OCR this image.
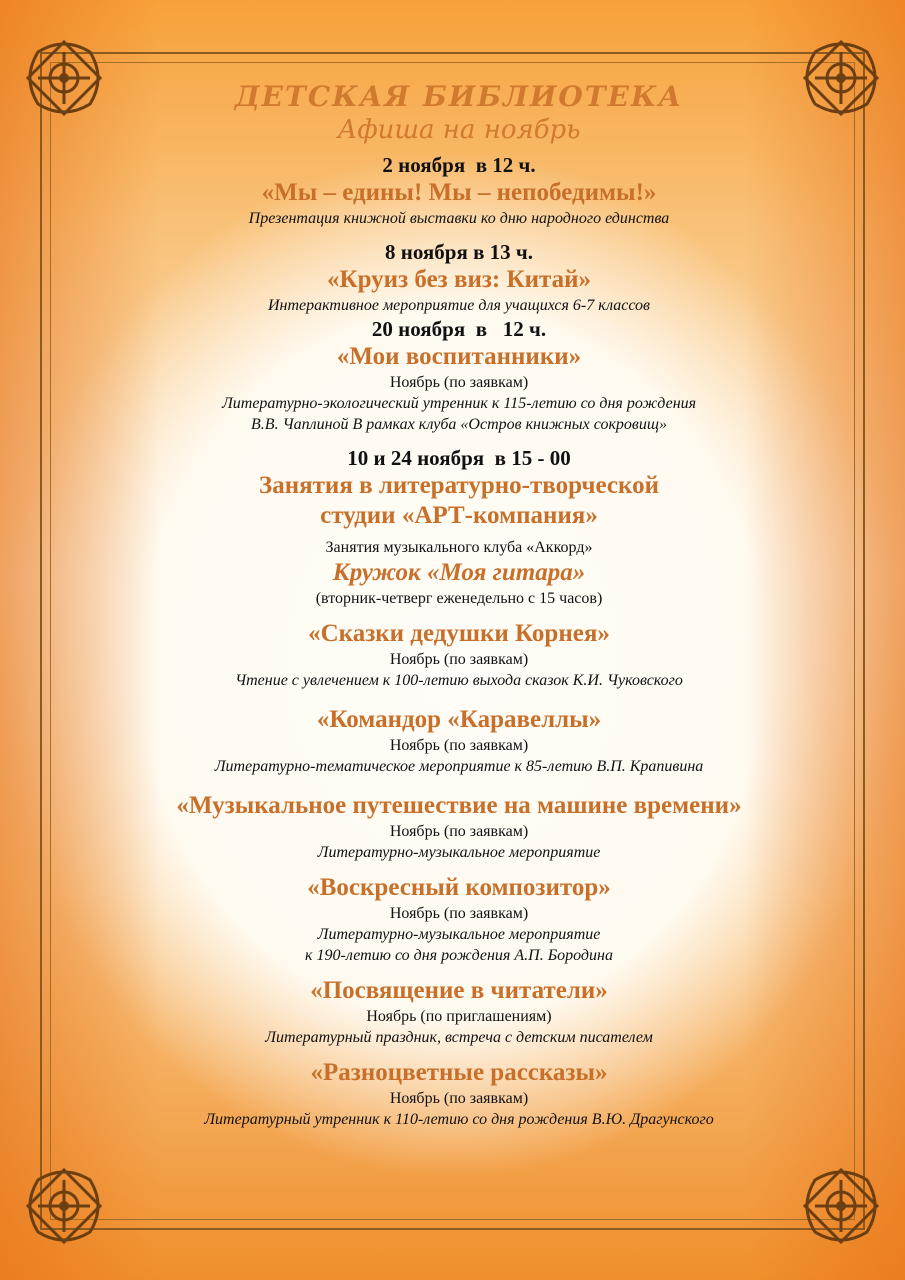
ДЕТСКАЯ БИБЛИОТЕКА
Афиша на ноябрь
2 ноября  в 12 ч.
«Мы – едины! Мы – непобедимы!»
Презентация книжной выставки ко дню народного единства
8 ноября в 13 ч.
«Круиз без виз: Китай»
Интерактивное мероприятие для учащихся 6-7 классов
20 ноября  в   12 ч.
«Мои воспитанники»
Ноябрь (по заявкам)
Литературно-экологический утренник к 115-летию со дня рождения
В.В. Чаплиной В рамках клуба «Остров книжных сокровищ»
10 и 24 ноября  в 15 - 00
Занятия в литературно-творческой
студии «АРТ-компания»
Занятия музыкального клуба «Аккорд»
Кружок «Моя гитара»
(вторник-четверг еженедельно с 15 часов)
«Сказки дедушки Корнея»
Ноябрь (по заявкам)
Чтение с увлечением к 100-летию выхода сказок К.И. Чуковского
«Командор «Каравеллы»
Ноябрь (по заявкам)
Литературно-тематическое мероприятие к 85-летию В.П. Крапивина
«Музыкальное путешествие на машине времени»
Ноябрь (по заявкам)
Литературно-музыкальное мероприятие
«Воскресный композитор»
Ноябрь (по заявкам)
Литературно-музыкальное мероприятие
к 190-летию со дня рождения А.П. Бородина
«Посвящение в читатели»
Ноябрь (по приглашениям)
Литературный праздник, встреча с детским писателем
«Разноцветные рассказы»
Ноябрь (по заявкам)
Литературный утренник к 110-летию со дня рождения В.Ю. Драгунского
